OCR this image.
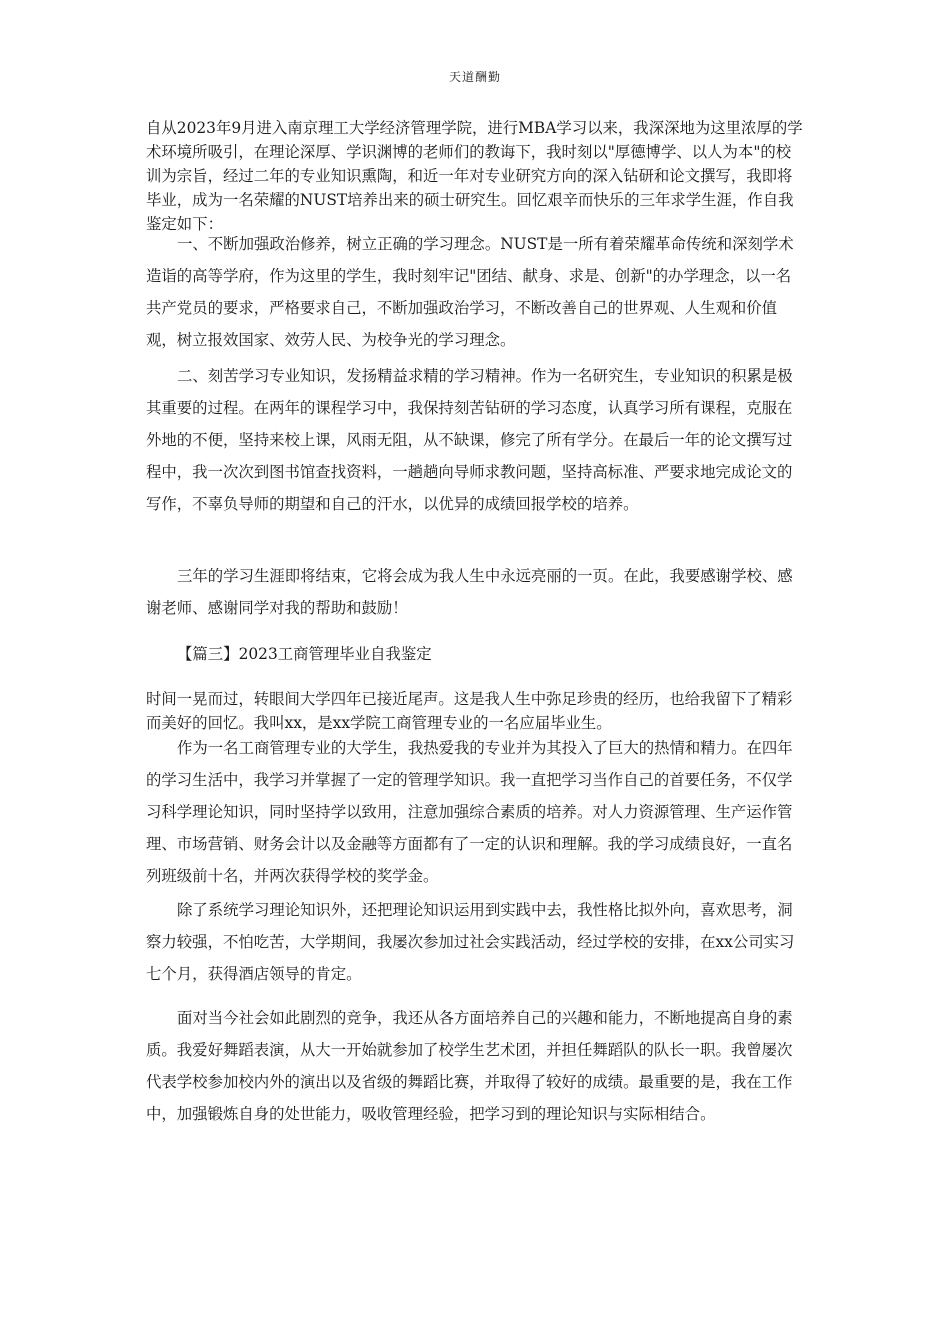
天道酬勤

自从2023年9月进入南京理工大学经济管理学院，进行MBA学习以来，我深深地为这里浓厚的学术环境所吸引，在理论深厚、学识渊博的老师们的教诲下，我时刻以"厚德博学、以人为本"的校训为宗旨，经过二年的专业知识熏陶，和近一年对专业研究方向的深入钻研和论文撰写，我即将毕业，成为一名荣耀的NUST培养出来的硕士研究生。回忆艰辛而快乐的三年求学生涯，作自我鉴定如下：

一、不断加强政治修养，树立正确的学习理念。NUST是一所有着荣耀革命传统和深刻学术造诣的高等学府，作为这里的学生，我时刻牢记"团结、献身、求是、创新"的办学理念，以一名共产党员的要求，严格要求自己，不断加强政治学习，不断改善自己的世界观、人生观和价值观，树立报效国家、效劳人民、为校争光的学习理念。

二、刻苦学习专业知识，发扬精益求精的学习精神。作为一名研究生，专业知识的积累是极其重要的过程。在两年的课程学习中，我保持刻苦钻研的学习态度，认真学习所有课程，克服在外地的不便，坚持来校上课，风雨无阻，从不缺课，修完了所有学分。在最后一年的论文撰写过程中，我一次次到图书馆查找资料，一趟趟向导师求教问题，坚持高标准、严要求地完成论文的写作，不辜负导师的期望和自己的汗水，以优异的成绩回报学校的培养。

三年的学习生涯即将结束，它将会成为我人生中永远亮丽的一页。在此，我要感谢学校、感谢老师、感谢同学对我的帮助和鼓励！

【篇三】2023工商管理毕业自我鉴定

时间一晃而过，转眼间大学四年已接近尾声。这是我人生中弥足珍贵的经历，也给我留下了精彩而美好的回忆。我叫xx，是xx学院工商管理专业的一名应届毕业生。

作为一名工商管理专业的大学生，我热爱我的专业并为其投入了巨大的热情和精力。在四年的学习生活中，我学习并掌握了一定的管理学知识。我一直把学习当作自己的首要任务，不仅学习科学理论知识，同时坚持学以致用，注意加强综合素质的培养。对人力资源管理、生产运作管理、市场营销、财务会计以及金融等方面都有了一定的认识和理解。我的学习成绩良好，一直名列班级前十名，并两次获得学校的奖学金。

除了系统学习理论知识外，还把理论知识运用到实践中去，我性格比拟外向，喜欢思考，洞察力较强，不怕吃苦，大学期间，我屡次参加过社会实践活动，经过学校的安排，在xx公司实习七个月，获得酒店领导的肯定。

面对当今社会如此剧烈的竞争，我还从各方面培养自己的兴趣和能力，不断地提高自身的素质。我爱好舞蹈表演，从大一开始就参加了校学生艺术团，并担任舞蹈队的队长一职。我曾屡次代表学校参加校内外的演出以及省级的舞蹈比赛，并取得了较好的成绩。最重要的是，我在工作中，加强锻炼自身的处世能力，吸收管理经验，把学习到的理论知识与实际相结合。
